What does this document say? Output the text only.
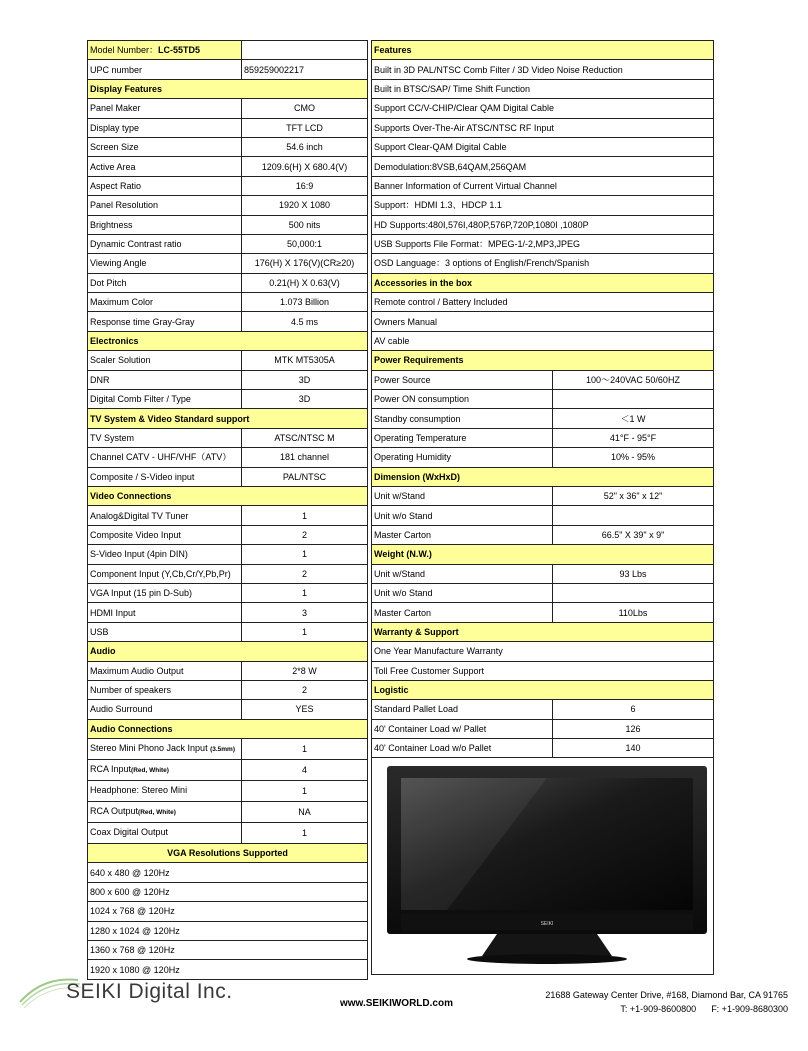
Model Number：LC-55TD5	
UPC number	859259002217
Display Features	
Panel Maker	CMO
Display type	TFT LCD
Screen Size	54.6 inch
Active Area	1209.6(H) X 680.4(V)
Aspect Ratio	16:9
Panel Resolution	1920 X 1080
Brightness	500 nits
Dynamic Contrast ratio	50,000:1
Viewing Angle	176(H) X 176(V)(CR≥20)
Dot Pitch	0.21(H) X 0.63(V)
Maximum Color	1.073 Billion
Response time Gray-Gray	4.5 ms
Electronics	
Scaler Solution	MTK MT5305A
DNR	3D
Digital Comb Filter / Type	3D
TV System & Video Standard support	
TV System	ATSC/NTSC M
Channel CATV - UHF/VHF（ATV）	181 channel
Composite / S-Video input	PAL/NTSC
Video Connections	
Analog&Digital TV Tuner	1
Composite Video Input	2
S-Video Input (4pin DIN)	1
Component Input (Y,Cb,Cr/Y,Pb,Pr)	2
VGA Input (15 pin D-Sub)	1
HDMI Input	3
USB	1
Audio	
Maximum Audio Output	2*8 W
Number of speakers	2
Audio Surround	YES
Audio Connections	
Stereo Mini Phono Jack Input (3.5mm)	1
RCA Input(Red, White)	4
Headphone: Stereo Mini	1
RCA Output(Red, White)	NA
Coax Digital Output	1
VGA Resolutions Supported	
640 x 480 @ 120Hz	
800 x 600 @ 120Hz	
1024 x 768 @ 120Hz	
1280 x 1024 @ 120Hz	
1360 x 768 @ 120Hz	
1920 x 1080 @ 120Hz	
Features	
Built in 3D PAL/NTSC Comb Filter / 3D Video Noise Reduction	
Built in BTSC/SAP/ Time Shift Function	
Support CC/V-CHIP/Clear QAM Digital Cable	
Supports Over-The-Air ATSC/NTSC RF Input	
Support Clear-QAM Digital Cable	
Demodulation:8VSB,64QAM,256QAM	
Banner Information of Current Virtual Channel	
Support：HDMI 1.3、HDCP 1.1	
HD Supports:480I,576I,480P,576P,720P,1080I ,1080P	
USB Supports File Format：MPEG-1/-2,MP3,JPEG	
OSD Language：3 options of English/French/Spanish	
Accessories in the box	
Remote control / Battery Included	
Owners Manual	
AV cable	
Power Requirements	
Power Source	100～240VAC 50/60HZ
Power ON consumption	
Standby consumption	＜1 W
Operating Temperature	41°F - 95°F
Operating Humidity	10% - 95%
Dimension (WxHxD)	
Unit w/Stand	52" x 36" x 12"
Unit w/o Stand	
Master Carton	66.5" X 39" x 9"
Weight (N.W.)	
Unit w/Stand	93 Lbs
Unit w/o Stand	
Master Carton	110Lbs
Warranty & Support	
One Year Manufacture Warranty	
Toll Free Customer Support	
Logistic	
Standard Pallet Load	6
40' Container Load w/ Pallet	126
40' Container Load w/o Pallet	140
SEIKI
SEIKI Digital Inc.
www.SEIKIWORLD.com
21688 Gateway Center Drive, #168, Diamond Bar, CA 91765
T: +1-909-8600800 F: +1-909-8680300
